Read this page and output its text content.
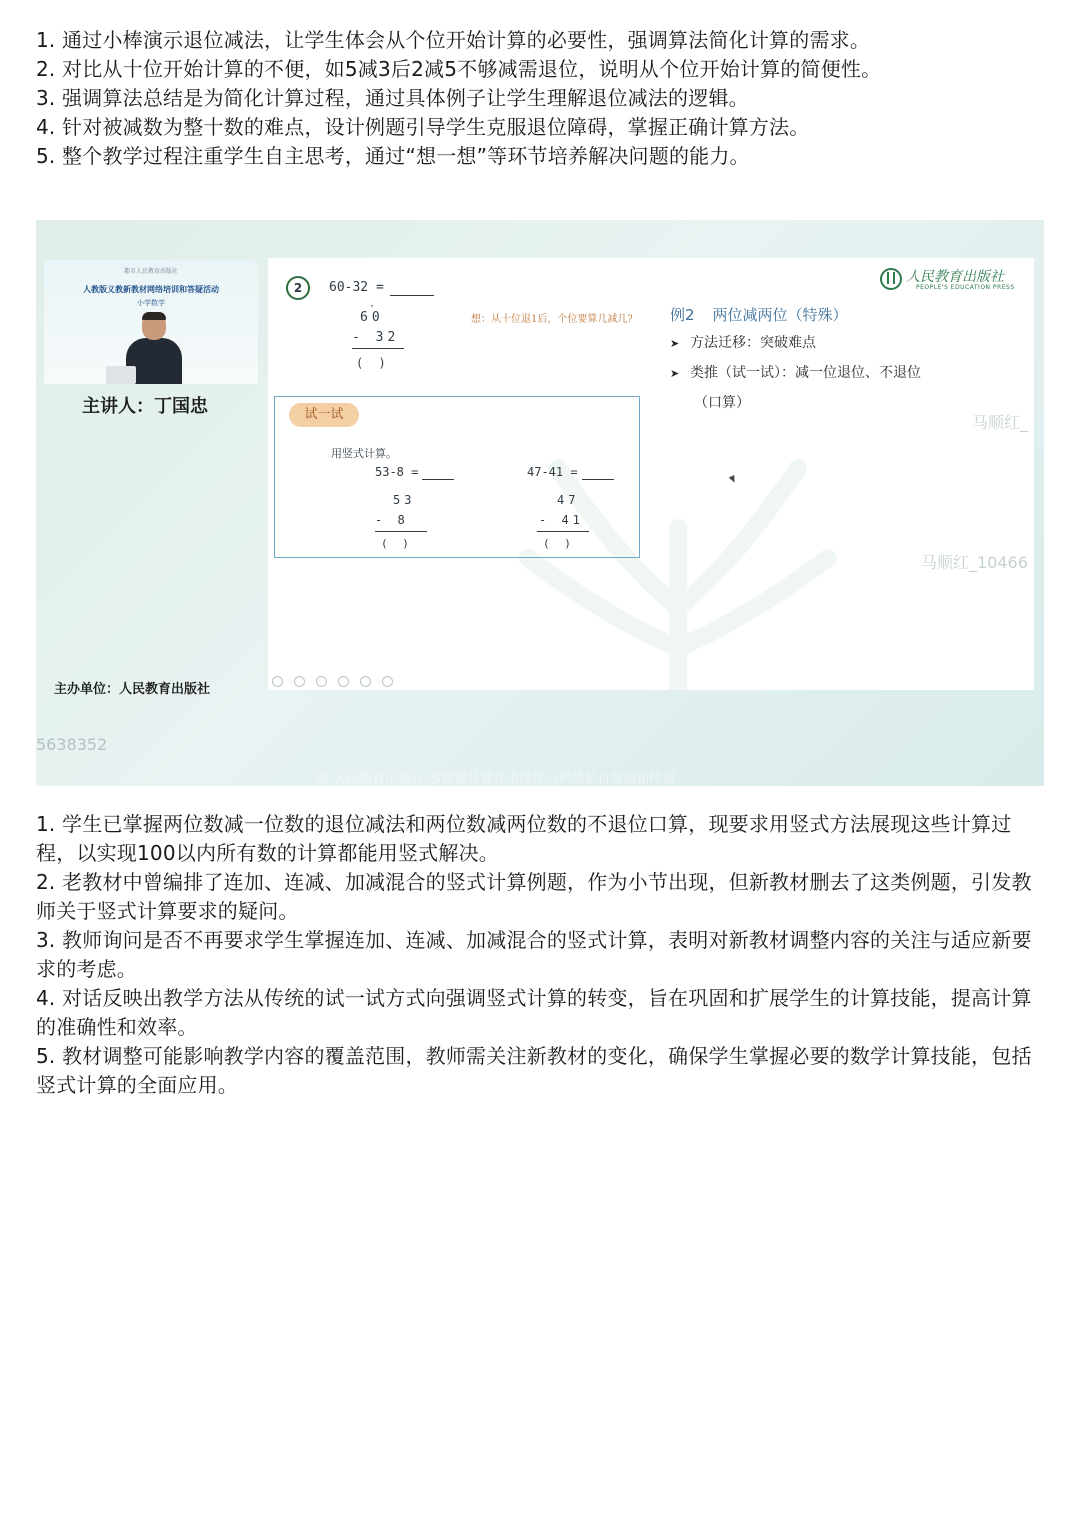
1. 通过小棒演示退位减法，让学生体会从个位开始计算的必要性，强调算法简化计算的需求。
2. 对比从十位开始计算的不便，如5减3后2减5不够减需退位，说明从个位开始计算的简便性。
3. 强调算法总结是为简化计算过程，通过具体例子让学生理解退位减法的逻辑。
4. 针对被减数为整十数的难点，设计例题引导学生克服退位障碍，掌握正确计算方法。
5. 整个教学过程注重学生自主思考，通过“想一想”等环节培养解决问题的能力。
都市人民教育出版社
人教版义教新教材网络培训和答疑活动
小学数学
主讲人：丁国忠
主办单位：人民教育出版社
5638352
2	60-32 =
·
60
- 32
( )
想：从十位退1后，个位要算几减几?
试一试
用竖式计算。
53-8 =
53
- 8
( )
47-41 =
47
- 41
( )
例2 两位减两位（特殊）
➤ 方法迁移：突破难点
➤ 类推（试一试）：减一位退位、不退位
（口算）
人民教育出版社
PEOPLE'S EDUCATION PRESS

马顺红_
马顺红_10466
© 人民教育出版社 本视频及课件未经许可严禁私自复制和传播
1. 学生已掌握两位数减一位数的退位减法和两位数减两位数的不退位口算，现要求用竖式方法展现这些计算过程，以实现100以内所有数的计算都能用竖式解决。
2. 老教材中曾编排了连加、连减、加减混合的竖式计算例题，作为小节出现，但新教材删去了这类例题，引发教师关于竖式计算要求的疑问。
3. 教师询问是否不再要求学生掌握连加、连减、加减混合的竖式计算，表明对新教材调整内容的关注与适应新要求的考虑。
4. 对话反映出教学方法从传统的试一试方式向强调竖式计算的转变，旨在巩固和扩展学生的计算技能，提高计算的准确性和效率。
5. 教材调整可能影响教学内容的覆盖范围，教师需关注新教材的变化，确保学生掌握必要的数学计算技能，包括竖式计算的全面应用。
